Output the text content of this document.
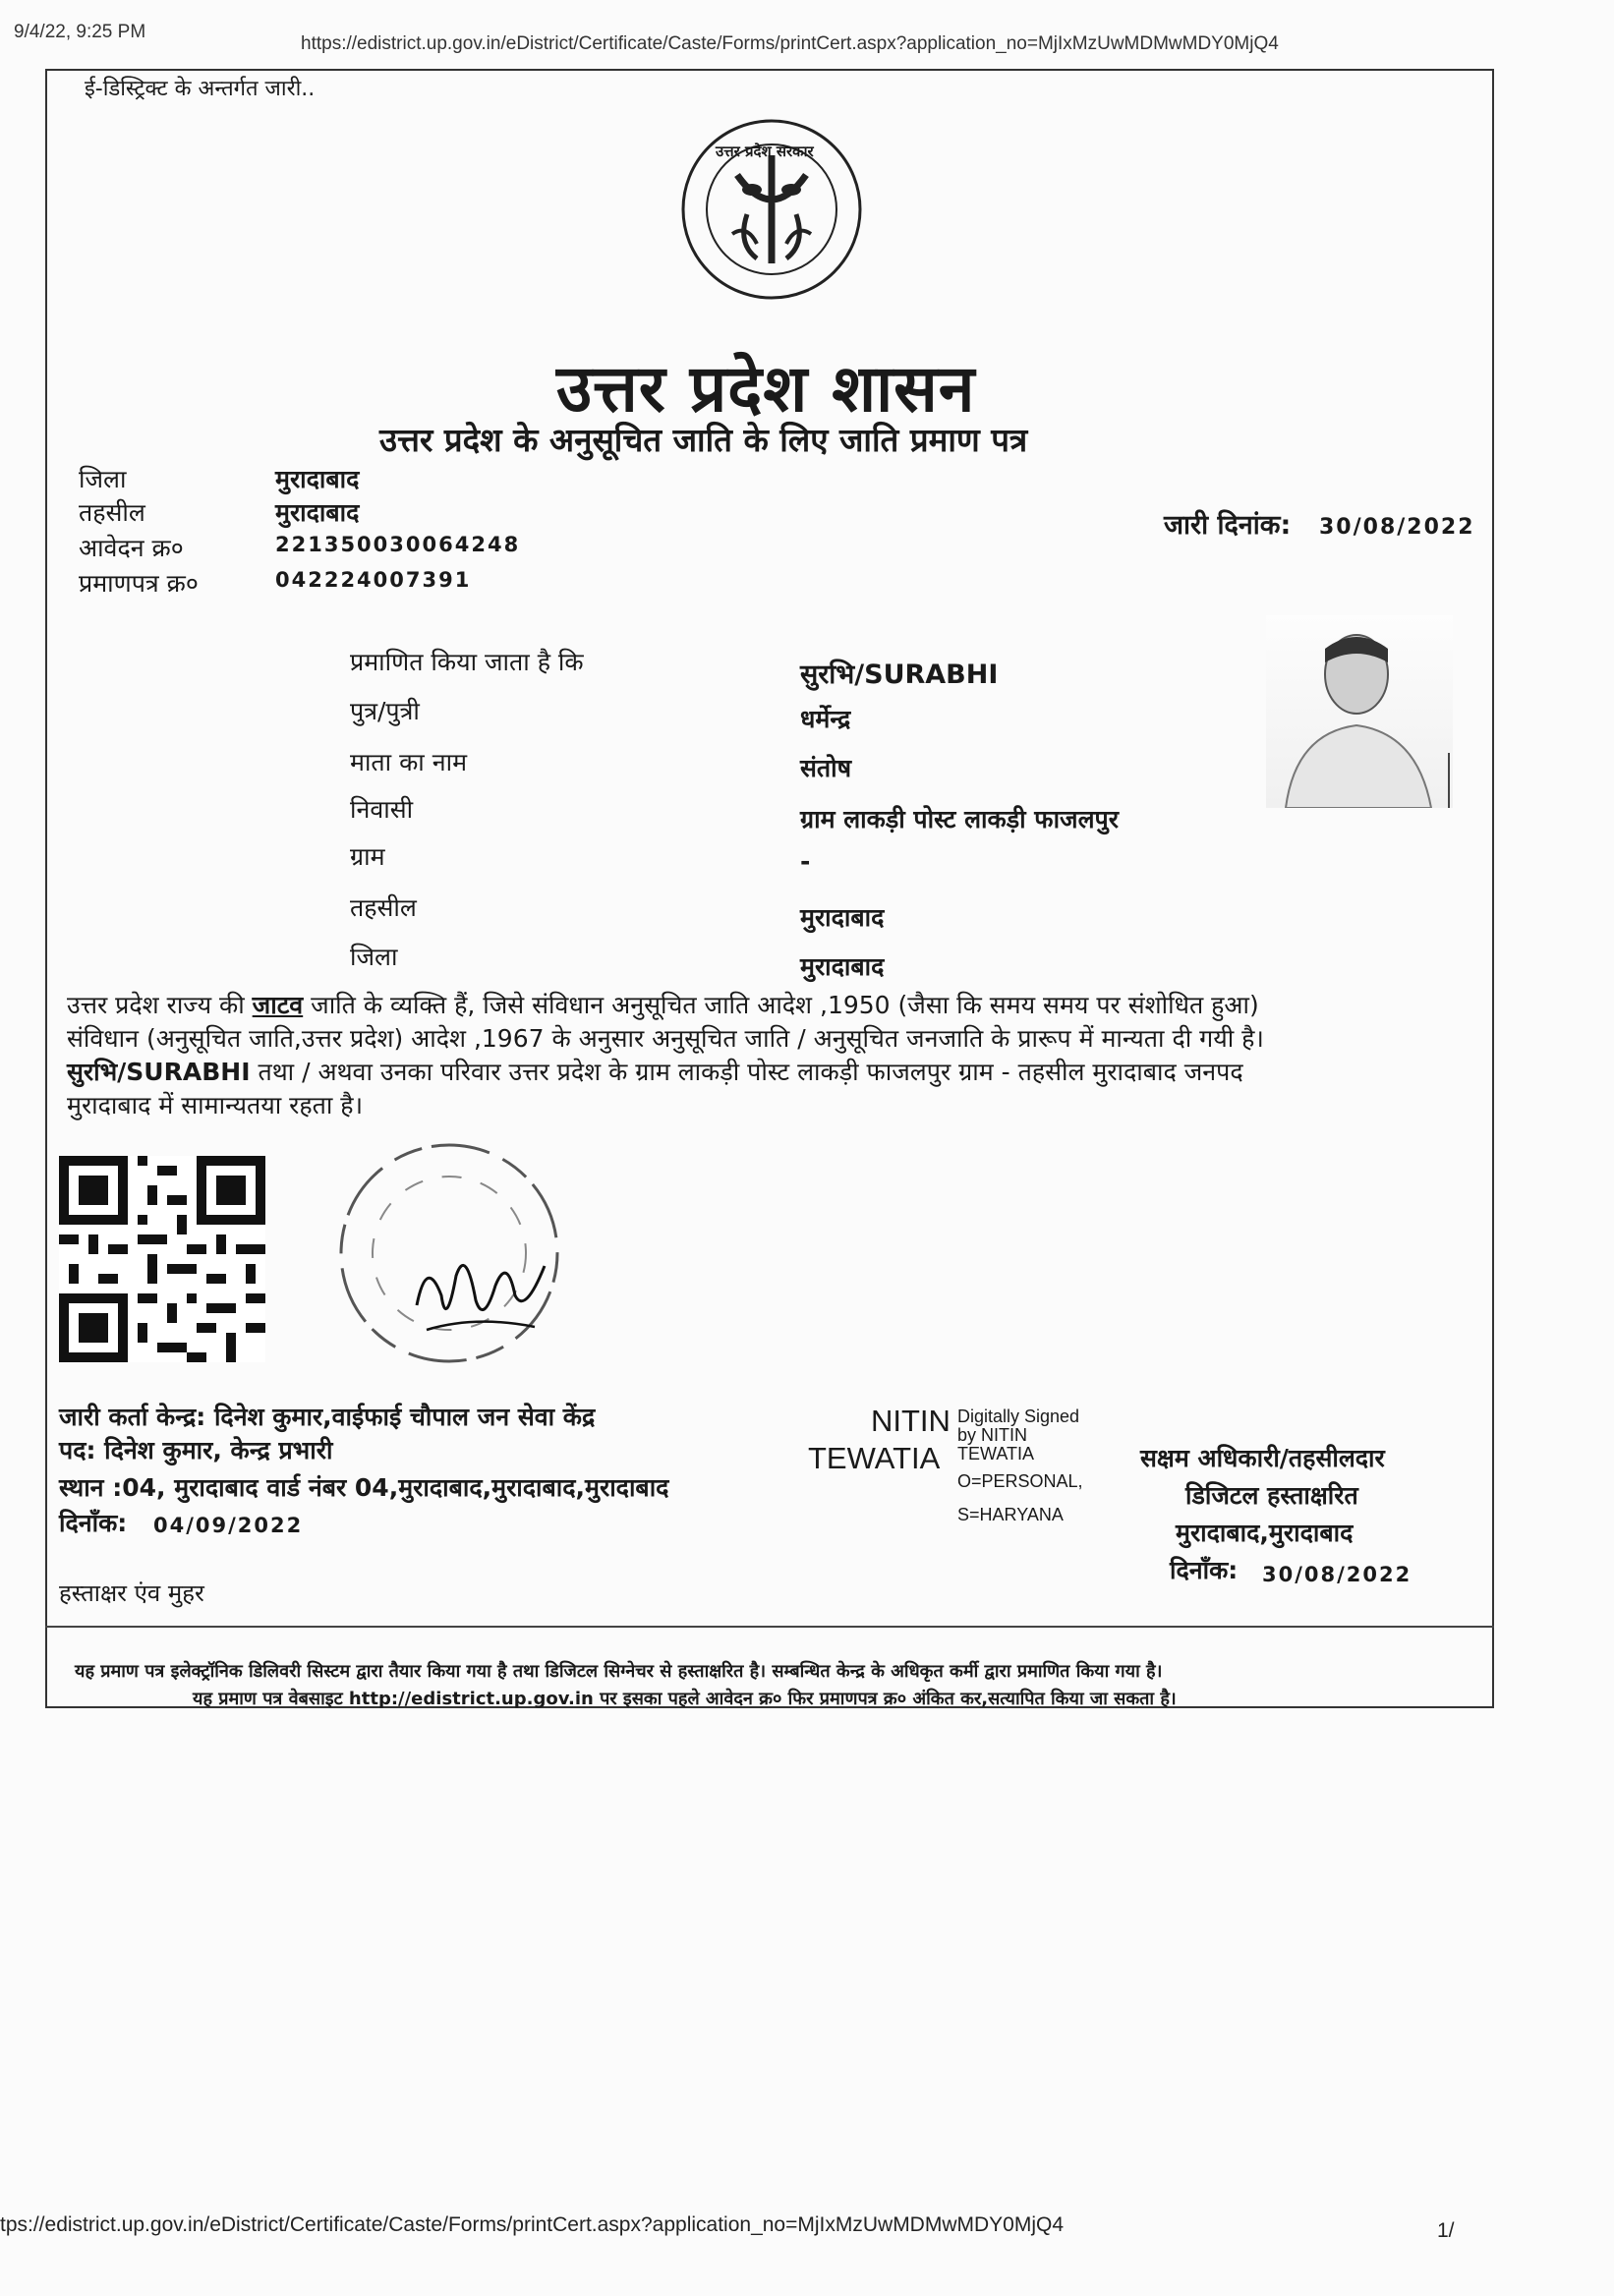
9/4/22, 9:25 PM
https://edistrict.up.gov.in/eDistrict/Certificate/Caste/Forms/printCert.aspx?application_no=MjIxMzUwMDMwMDY0MjQ4
ई-डिस्ट्रिक्ट के अन्तर्गत जारी..
उत्तर प्रदेश सरकार
उत्तर प्रदेश शासन
उत्तर प्रदेश के अनुसूचित जाति के लिए जाति प्रमाण पत्र
जिला	मुरादाबाद
तहसील	मुरादाबाद
आवेदन क्र०	221350030064248
प्रमाणपत्र क्र०	042224007391
जारी दिनांक: 30/08/2022
प्रमाणित किया जाता है कि	सुरभि/SURABHI
पुत्र/पुत्री	धर्मेन्द्र
माता का नाम	संतोष
निवासी	ग्राम लाकड़ी पोस्ट लाकड़ी फाजलपुर
ग्राम	-
तहसील	मुरादाबाद
जिला	मुरादाबाद
उत्तर प्रदेश राज्य की जाटव जाति के व्यक्ति हैं, जिसे संविधान अनुसूचित जाति आदेश ,1950 (जैसा कि समय समय पर संशोधित हुआ)
संविधान (अनुसूचित जाति,उत्तर प्रदेश) आदेश ,1967 के अनुसार अनुसूचित जाति / अनुसूचित जनजाति के प्रारूप में मान्यता दी गयी है।
सुरभि/SURABHI तथा / अथवा उनका परिवार उत्तर प्रदेश के ग्राम लाकड़ी पोस्ट लाकड़ी फाजलपुर ग्राम - तहसील मुरादाबाद जनपद
मुरादाबाद में सामान्यतया रहता है।
जारी कर्ता केन्द्र: दिनेश कुमार,वाईफाई चौपाल जन सेवा केंद्र
पद: दिनेश कुमार, केन्द्र प्रभारी
स्थान :04, मुरादाबाद वार्ड नंबर 04,मुरादाबाद,मुरादाबाद,मुरादाबाद
दिनाँक: 04/09/2022
हस्ताक्षर एंव मुहर
NITIN
TEWATIA
Digitally Signed
by NITIN
TEWATIA
O=PERSONAL,
S=HARYANA
सक्षम अधिकारी/तहसीलदार
डिजिटल हस्ताक्षरित
मुरादाबाद,मुरादाबाद
दिनाँक: 30/08/2022
यह प्रमाण पत्र इलेक्ट्रॉनिक डिलिवरी सिस्टम द्वारा तैयार किया गया है तथा डिजिटल सिग्नेचर से हस्ताक्षरित है। सम्बन्धित केन्द्र के अधिकृत कर्मी द्वारा प्रमाणित किया गया है।
यह प्रमाण पत्र वेबसाइट http://edistrict.up.gov.in पर इसका पहले आवेदन क्र० फिर प्रमाणपत्र क्र० अंकित कर,सत्यापित किया जा सकता है।
tps://edistrict.up.gov.in/eDistrict/Certificate/Caste/Forms/printCert.aspx?application_no=MjIxMzUwMDMwMDY0MjQ4	1/
